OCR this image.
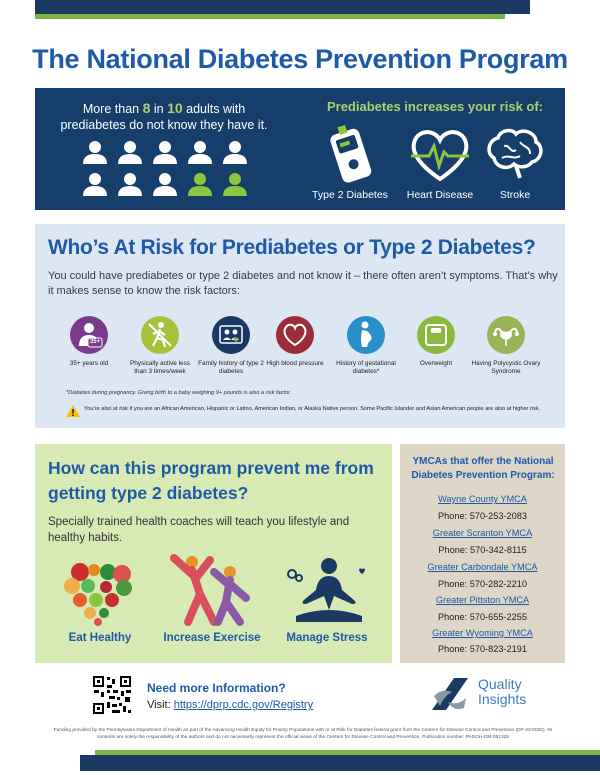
The National Diabetes Prevention Program
More than 8 in 10 adults with
prediabetes do not know they have it.
Prediabetes increases your risk of:
Type 2 Diabetes	Heart Disease	Stroke
Who’s At Risk for Prediabetes or Type 2 Diabetes?
You could have prediabetes or type 2 diabetes and not know it – there often aren’t symptoms. That’s why it makes sense to know the risk factors:
35+
35+ years old	Physically active less than 3 times/week
Family history of type 2 diabetes
High blood pressure	History of gestational diabetes*
Overweight	Having Polycystic Ovary Syndrome
*Diabetes during pregnancy. Giving birth to a baby weighing 9+ pounds is also a risk factor.
You’re also at risk if you are an African American, Hispanic or Latino, American Indian, or Alaska Native person. Some Pacific Islander and Asian American people are also at higher risk.
How can this program prevent me from getting type 2 diabetes?
Specially trained health coaches will teach you lifestyle and healthy habits.
Eat Healthy	Increase Exercise	Manage Stress
YMCAs that offer the National Diabetes Prevention Program:
Wayne County YMCA
Phone: 570-253-2083
Greater Scranton YMCA
Phone: 570-342-8115
Greater Carbondale YMCA
Phone: 570-282-2210
Greater Pittston YMCA
Phone: 570-655-2255
Greater Wyoming YMCA
Phone: 570-823-2191
Need more Information?
Visit: https://dprp.cdc.gov/Registry
Quality
Insights
Funding provided by the Pennsylvania Department of Health as part of the Advancing Health Equity for Priority Populations with or at Risk for Diabetes federal grant from the Centers for Disease Control and Prevention (DP-23-0020). Its contents are solely the responsibility of the authors and do not necessarily represent the official views of the Centers for Disease Control and Prevention. Publication number: PADOH-DM-051325
